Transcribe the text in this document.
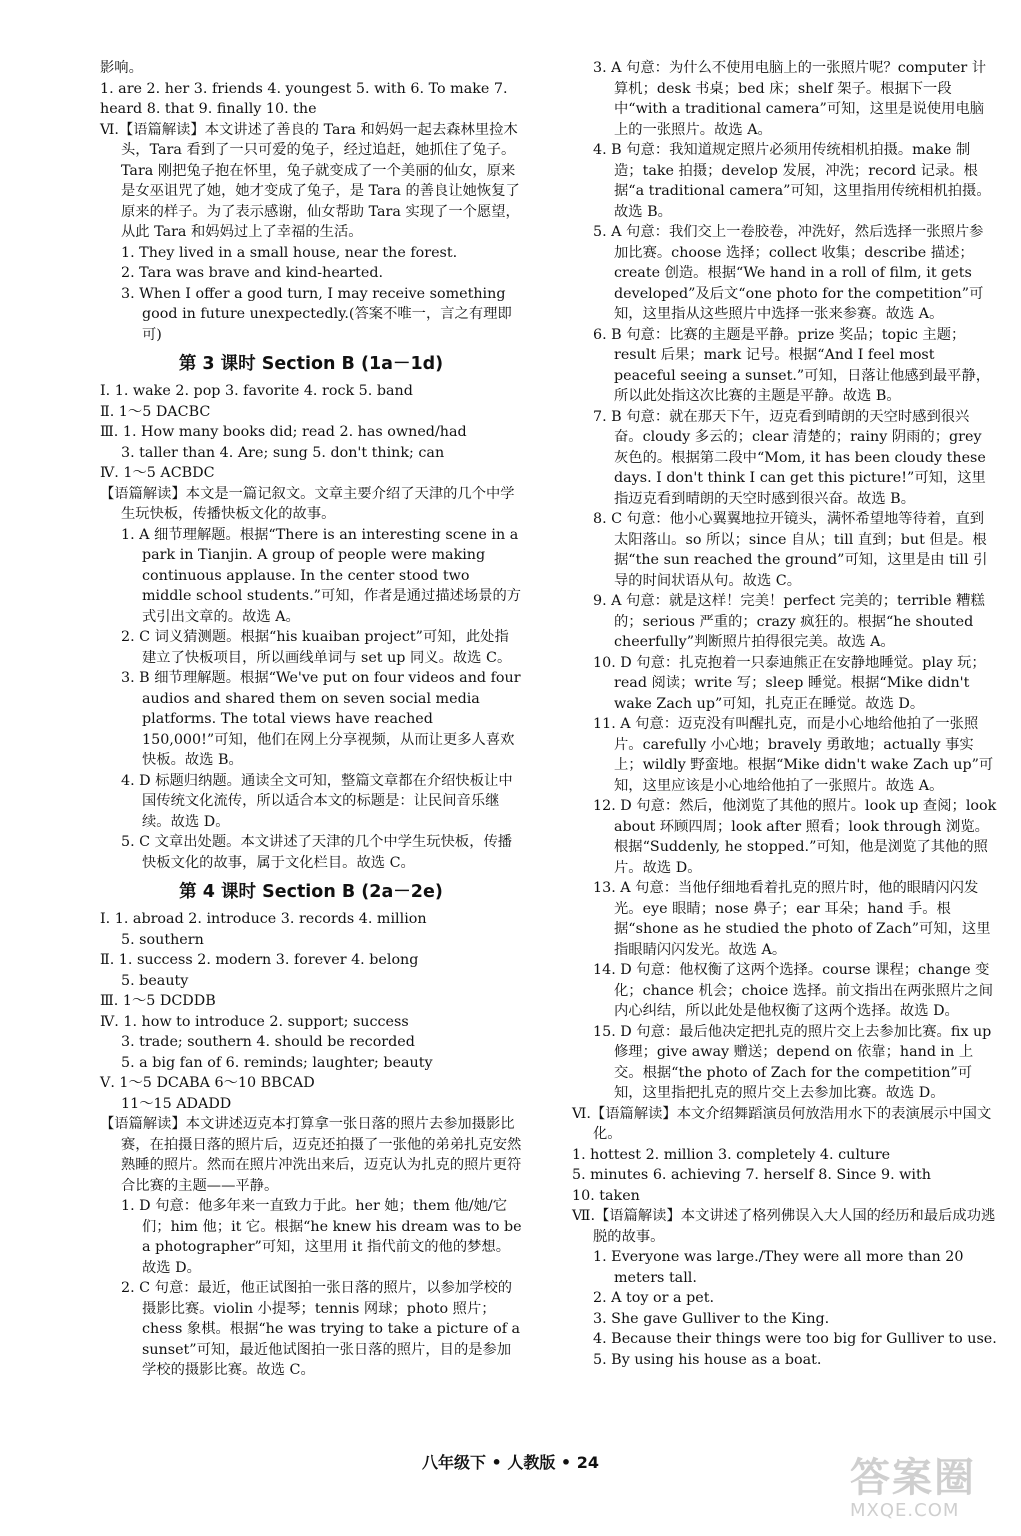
影响。

1. are 2. her 3. friends 4. youngest 5. with 6. To make 7. heard 8. that 9. finally 10. the

Ⅵ.【语篇解读】本文讲述了善良的 Tara 和妈妈一起去森林里捡木头，Tara 看到了一只可爱的兔子，经过追赶，她抓住了兔子。Tara 刚把兔子抱在怀里，兔子就变成了一个美丽的仙女，原来是女巫诅咒了她，她才变成了兔子，是 Tara 的善良让她恢复了原来的样子。为了表示感谢，仙女帮助 Tara 实现了一个愿望，从此 Tara 和妈妈过上了幸福的生活。

1. They lived in a small house, near the forest.

2. Tara was brave and kind-hearted.

3. When I offer a good turn, I may receive something good in future unexpectedly.(答案不唯一，言之有理即可)

第 3 课时 Section B (1a－1d)

Ⅰ. 1. wake 2. pop 3. favorite 4. rock 5. band

Ⅱ. 1～5 DACBC

Ⅲ. 1. How many books did; read 2. has owned/had

3. taller than 4. Are; sung 5. don't think; can

Ⅳ. 1～5 ACBDC

【语篇解读】本文是一篇记叙文。文章主要介绍了天津的几个中学生玩快板，传播快板文化的故事。

1. A 细节理解题。根据“There is an interesting scene in a park in Tianjin. A group of people were making continuous applause. In the center stood two middle school students.”可知，作者是通过描述场景的方式引出文章的。故选 A。

2. C 词义猜测题。根据“his kuaiban project”可知，此处指建立了快板项目，所以画线单词与 set up 同义。故选 C。

3. B 细节理解题。根据“We've put on four videos and four audios and shared them on seven social media platforms. The total views have reached 150,000!”可知，他们在网上分享视频，从而让更多人喜欢快板。故选 B。

4. D 标题归纳题。通读全文可知，整篇文章都在介绍快板让中国传统文化流传，所以适合本文的标题是：让民间音乐继续。故选 D。

5. C 文章出处题。本文讲述了天津的几个中学生玩快板，传播快板文化的故事，属于文化栏目。故选 C。

第 4 课时 Section B (2a－2e)

Ⅰ. 1. abroad 2. introduce 3. records 4. million

5. southern

Ⅱ. 1. success 2. modern 3. forever 4. belong

5. beauty

Ⅲ. 1～5 DCDDB

Ⅳ. 1. how to introduce 2. support; success

3. trade; southern 4. should be recorded

5. a big fan of 6. reminds; laughter; beauty

Ⅴ. 1～5 DCABA 6～10 BBCAD

11～15 ADADD

【语篇解读】本文讲述迈克本打算拿一张日落的照片去参加摄影比赛，在拍摄日落的照片后，迈克还拍摄了一张他的弟弟扎克安然熟睡的照片。然而在照片冲洗出来后，迈克认为扎克的照片更符合比赛的主题——平静。

1. D 句意：他多年来一直致力于此。her 她；them 他/她/它们；him 他；it 它。根据“he knew his dream was to be a photographer”可知，这里用 it 指代前文的他的梦想。故选 D。

2. C 句意：最近，他正试图拍一张日落的照片，以参加学校的摄影比赛。violin 小提琴；tennis 网球；photo 照片；chess 象棋。根据“he was trying to take a picture of a sunset”可知，最近他试图拍一张日落的照片，目的是参加学校的摄影比赛。故选 C。

3. A 句意：为什么不使用电脑上的一张照片呢？computer 计算机；desk 书桌；bed 床；shelf 架子。根据下一段中“with a traditional camera”可知，这里是说使用电脑上的一张照片。故选 A。

4. B 句意：我知道规定照片必须用传统相机拍摄。make 制造；take 拍摄；develop 发展，冲洗；record 记录。根据“a traditional camera”可知，这里指用传统相机拍摄。故选 B。

5. A 句意：我们交上一卷胶卷，冲洗好，然后选择一张照片参加比赛。choose 选择；collect 收集；describe 描述；create 创造。根据“We hand in a roll of film, it gets developed”及后文“one photo for the competition”可知，这里指从这些照片中选择一张来参赛。故选 A。

6. B 句意：比赛的主题是平静。prize 奖品；topic 主题；result 后果；mark 记号。根据“And I feel most peaceful seeing a sunset.”可知，日落让他感到最平静，所以此处指这次比赛的主题是平静。故选 B。

7. B 句意：就在那天下午，迈克看到晴朗的天空时感到很兴奋。cloudy 多云的；clear 清楚的；rainy 阴雨的；grey 灰色的。根据第二段中“Mom, it has been cloudy these days. I don't think I can get this picture!”可知，这里指迈克看到晴朗的天空时感到很兴奋。故选 B。

8. C 句意：他小心翼翼地拉开镜头，满怀希望地等待着，直到太阳落山。so 所以；since 自从；till 直到；but 但是。根据“the sun reached the ground”可知，这里是由 till 引导的时间状语从句。故选 C。

9. A 句意：就是这样！完美！perfect 完美的；terrible 糟糕的；serious 严重的；crazy 疯狂的。根据“he shouted cheerfully”判断照片拍得很完美。故选 A。

10. D 句意：扎克抱着一只泰迪熊正在安静地睡觉。play 玩；read 阅读；write 写；sleep 睡觉。根据“Mike didn't wake Zach up”可知，扎克正在睡觉。故选 D。

11. A 句意：迈克没有叫醒扎克，而是小心地给他拍了一张照片。carefully 小心地；bravely 勇敢地；actually 事实上；wildly 野蛮地。根据“Mike didn't wake Zach up”可知，这里应该是小心地给他拍了一张照片。故选 A。

12. D 句意：然后，他浏览了其他的照片。look up 查阅；look about 环顾四周；look after 照看；look through 浏览。根据“Suddenly, he stopped.”可知，他是浏览了其他的照片。故选 D。

13. A 句意：当他仔细地看着扎克的照片时，他的眼睛闪闪发光。eye 眼睛；nose 鼻子；ear 耳朵；hand 手。根据“shone as he studied the photo of Zach”可知，这里指眼睛闪闪发光。故选 A。

14. D 句意：他权衡了这两个选择。course 课程；change 变化；chance 机会；choice 选择。前文指出在两张照片之间内心纠结，所以此处是他权衡了这两个选择。故选 D。

15. D 句意：最后他决定把扎克的照片交上去参加比赛。fix up 修理；give away 赠送；depend on 依靠；hand in 上交。根据“the photo of Zach for the competition”可知，这里指把扎克的照片交上去参加比赛。故选 D。

Ⅵ.【语篇解读】本文介绍舞蹈演员何放浩用水下的表演展示中国文化。

1. hottest 2. million 3. completely 4. culture

5. minutes 6. achieving 7. herself 8. Since 9. with

10. taken

Ⅶ.【语篇解读】本文讲述了格列佛误入大人国的经历和最后成功逃脱的故事。

1. Everyone was large./They were all more than 20 meters tall.

2. A toy or a pet.

3. She gave Gulliver to the King.

4. Because their things were too big for Gulliver to use.

5. By using his house as a boat.

八年级下 • 人教版 • 24	答案圈
MXQE.COM
